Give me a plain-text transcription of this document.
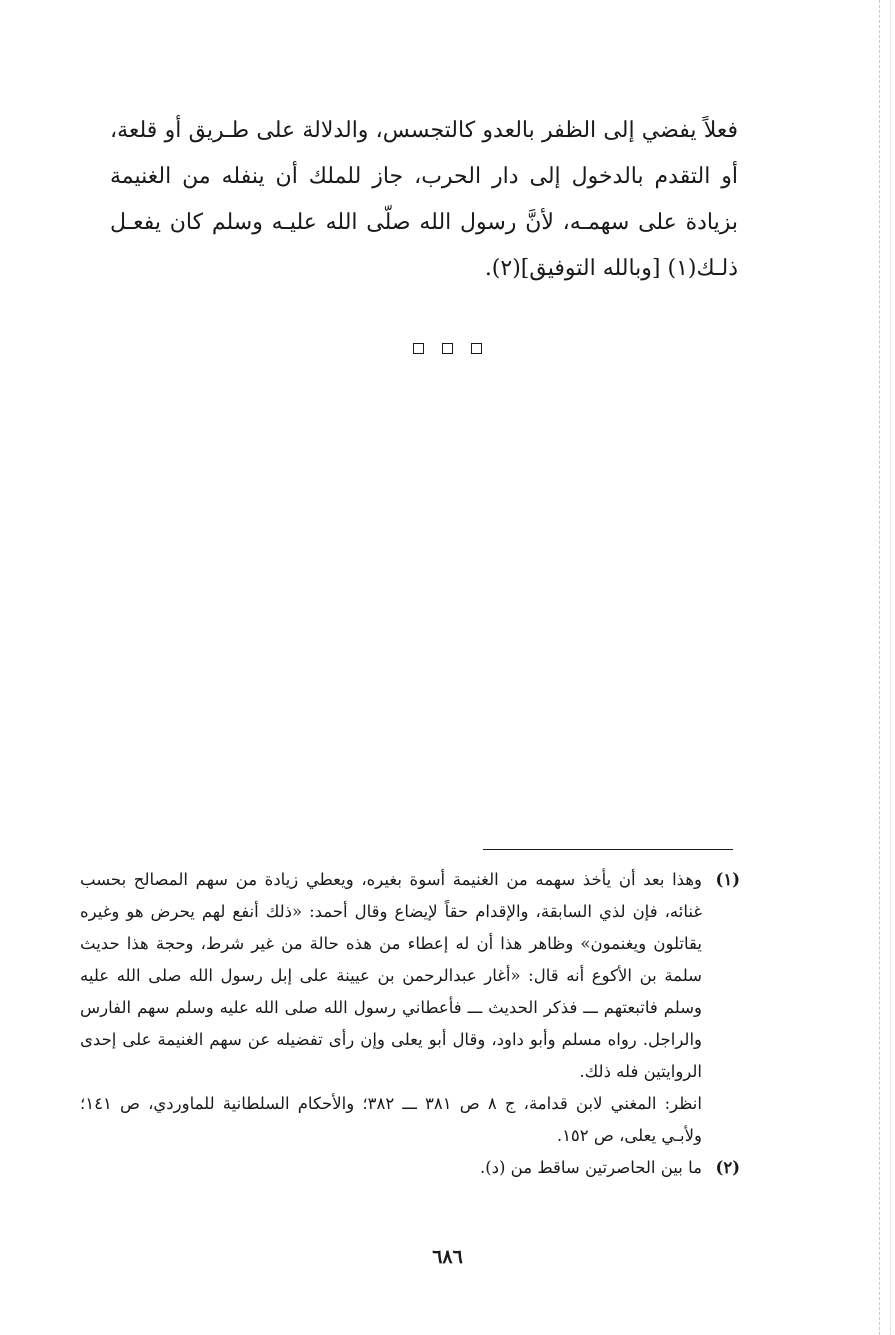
فعلاً يفضي إلى الظفر بالعدو كالتجسس، والدلالة على طـريق أو قلعة، أو التقدم بالدخول إلى دار الحرب، جاز للملك أن ينفله من الغنيمة بزيادة على سهمـه، لأنَّ رسول الله صلّى الله عليـه وسلم كان يفعـل ذلـك(١) [وبالله التوفيق](٢).

(١)

وهذا بعد أن يأخذ سهمه من الغنيمة أسوة بغيره، ويعطي زيادة من سهم المصالح بحسب غنائه، فإن لذي السابقة، والإقدام حقاً لإيضاع وقال أحمد: «ذلك أنفع لهم يحرض هو وغيره يقاتلون ويغنمون» وظاهر هذا أن له إعطاء من هذه حالة من غير شرط، وحجة هذا حديث سلمة بن الأكوع أنه قال: «أغار عبدالرحمن بن عيينة على إبل رسول الله صلى الله عليه وسلم فاتبعتهم ـــ فذكر الحديث ـــ فأعطاني رسول الله صلى الله عليه وسلم سهم الفارس والراجل. رواه مسلم وأبو داود، وقال أبو يعلى وإن رأى تفضيله عن سهم الغنيمة على إحدى الروايتين فله ذلك.

انظر: المغني لابن قدامة، ج ٨ ص ٣٨١ ـــ ٣٨٢؛ والأحكام السلطانية للماوردي، ص ١٤١؛ ولأبـي يعلى، ص ١٥٢.

(٢)

ما بين الحاصرتين ساقط من (د).

٦٨٦
